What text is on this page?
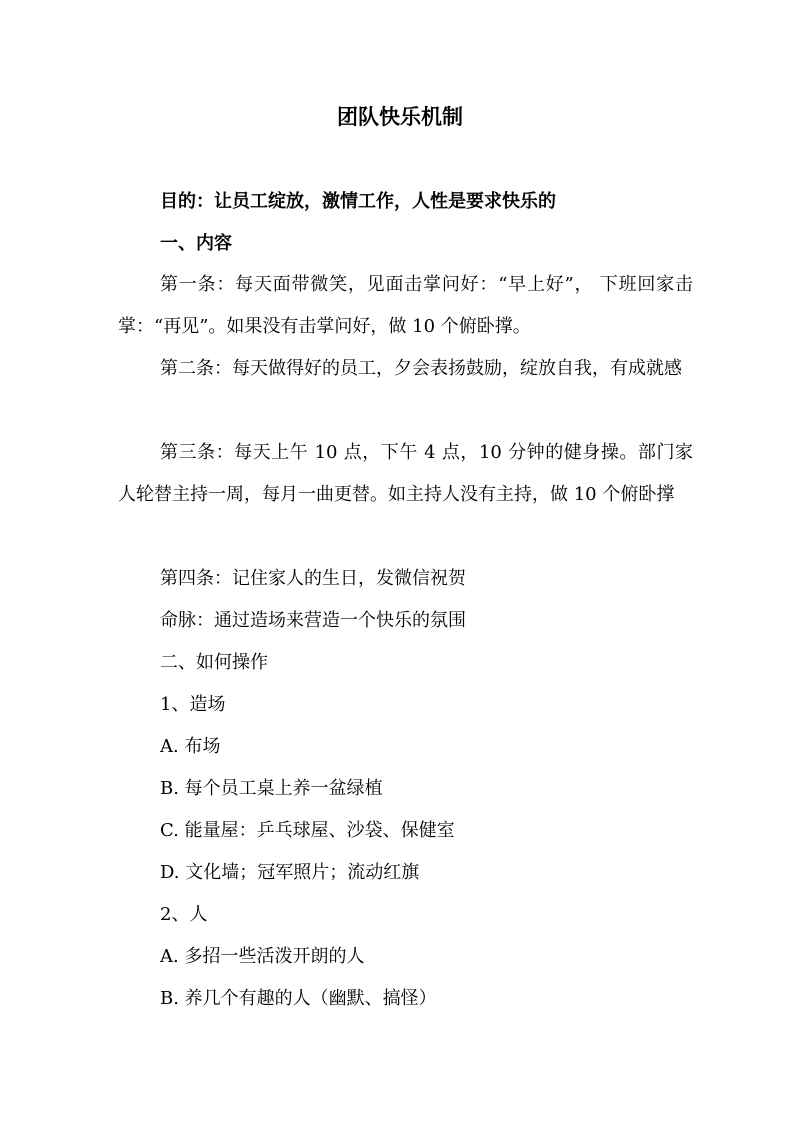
团队快乐机制
目的：让员工绽放，激情工作，人性是要求快乐的
一、内容
第一条：每天面带微笑，见面击掌问好：“早上好”， 下班回家击掌：“再见”。如果没有击掌问好，做 10 个俯卧撑。
第二条：每天做得好的员工，夕会表扬鼓励，绽放自我，有成就感
第三条：每天上午 10 点，下午 4 点，10 分钟的健身操。部门家人轮替主持一周，每月一曲更替。如主持人没有主持，做 10 个俯卧撑
第四条：记住家人的生日，发微信祝贺
命脉：通过造场来营造一个快乐的氛围
二、如何操作
1、造场
A. 布场
B. 每个员工桌上养一盆绿植
C. 能量屋：乒乓球屋、沙袋、保健室
D. 文化墙；冠军照片；流动红旗
2、人
A. 多招一些活泼开朗的人
B. 养几个有趣的人（幽默、搞怪）
